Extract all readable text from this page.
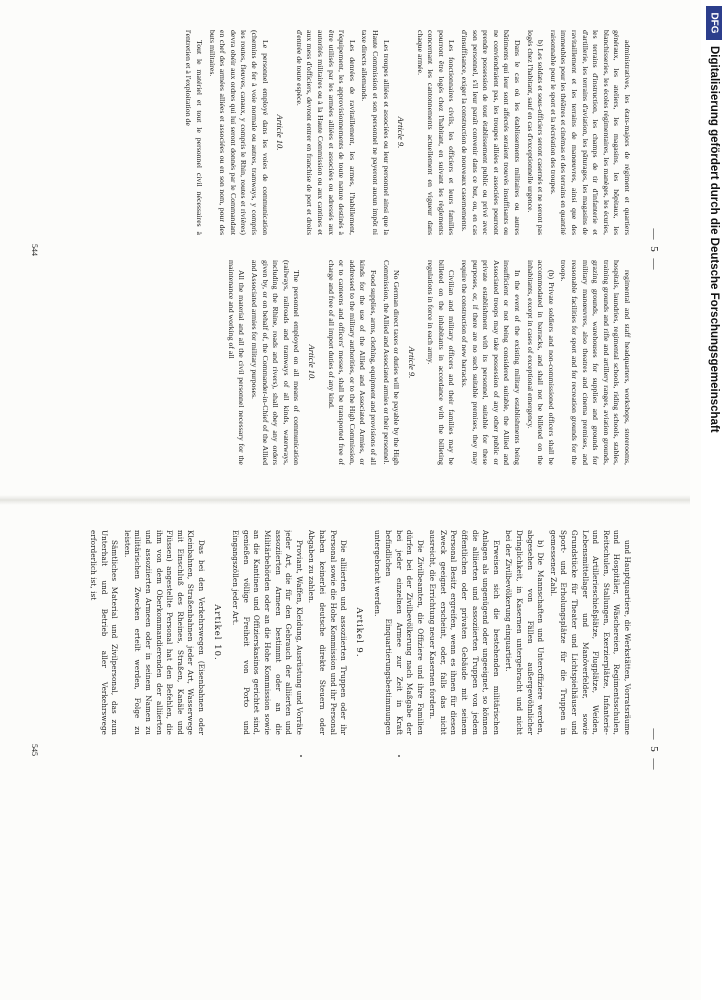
— 5 —

administratives, les états-majors de régiment et quartiers généraux, les ateliers, les magasins, les hôpitaux, les blanchisseries, les écoles régimentaires, les manèges, les écuries, les terrains d'instruction, les champs de tir d'infanterie et d'artillerie, les terrains d'aviation, les pâturages, les magasins de ravitaillement et les terrains de manœuvres, ainsi que des immeubles pour les théâtres et cinémas et des terrains en quantité raisonnable pour le sport et la récréation des troupes.

b) Les soldats et sous-officiers seront casernés et ne seront pas logés chez l'habitant, sauf en cas d'exceptionnelle urgence.

Dans le cas où les établissements militaires ou autres bâtiments qui leur sont affectés seraient trouvés insuffisants ou ne conviendraient pas, les troupes alliées et associées pourront prendre possession de tout établissement public ou privé avec son personnel, s'il leur paraît convenir dans ce but, ou, en cas d'insuffisance, exiger la construction de nouveaux casernements.

Les fonctionnaires civils, les officiers et leurs familles pourront être logés chez l'habitant, en suivant les règlements concernant les cantonnements actuellement en vigueur dans chaque armée.

Article 9.

Les troupes alliées et associées ou leur personnel ainsi que la Haute Commission et son personnel ne payeront aucun impôt ni taxe directs allemands.

Les denrées de ravitaillement, les armes, l'habillement, l'équipement, les approvisionnements de toute nature destinés à être utilisés par les armées alliées et associées ou adressés aux autorités militaires ou à la Haute Commission ou aux cantines et aux mess d'officiers, devront entrer en franchise de port et droits d'entrée de toute espèce.

Article 10.

Le personnel employé dans les voies de communication (chemins de fer à voie normale ou autres, tramways, y compris les routes, fleuves, canaux, y compris le Rhin, routes et rivières) devra obéir aux ordres qui lui seront donnés par le Commandant en chef des armées alliées et associées ou en son nom, pour des buts militaires.

Tout le matériel et tout le personnel civil nécessaires à l'entretien et à l'exploitation de

regimental and staff headquarters, workshops, storerooms, hospitals, laundries, regimental schools, riding schools, stables, training grounds and rifle and artillery ranges, aviation grounds, grazing grounds, warehouses for supplies and grounds for military manœuvres, also theatres and cinema premises, and reasonable facilities for sport and for recreation grounds for the troops.

(b) Private soldiers and non-commissioned officers shall be accommodated in barracks, and shall not be billeted on the inhabitants, except in cases of exceptional emergency.

In the event of the existing military establishments being insufficient or not being considered suitable, the Allied and Associated troops may take possession of any other public or private establishment with its personnel, suitable for these purposes, or, if there are no such suitable premises, they may require the construction of new barracks.

Civilian and military officers and their families may be billeted on the inhabitants in accordance with the billeting regulations in force in each army.

Article 9.

No German direct taxes or duties will be payable by the High Commission, the Allied and Associated armies or their personnel.

Food supplies, arms, clothing, equipment and provisions of all kinds for the use of the Allied and Associated Armies, or addressed to the military authorities, or to the High Commission, or to canteens and officers' messes, shall be transported free of charge and free of all import duties of any kind.

Article 10.

The personnel employed on all means of communication (railways, railroads and tramways of all kinds, waterways, including the Rhine, roads and rivers), shall obey any orders given by, or on behalf of, the Commander-in-Chief of the Allied and Associated armies for military purposes.

All the material and all the civil personnel necessary for the maintenance and working of all

544
— 5 —

und Hauptquartiere, die Werkstätten, Vorratsräume und Hospitäler, Wäschereien, Regimentsschulen, Reitschulen, Stallungen, Exerzierplätze, Infanterie- und Artillerieschießplätze, Flugplätze, Weiden, Lebensmittellager und Manöverfelder, sowie Grundstücke für Theater und Lichtspielhäuser und Sport- und Erholungsplätze für die Truppen in gemessener Zahl.

b) Die Mannschaften und Unteroffiziere werden, abgesehen von Fällen außergewöhnlicher Dringlichkeit, in Kasernen untergebracht und nicht bei der Zivilbevölkerung einquartiert.

Erweisen sich die bestehenden militärischen Anlagen als ungenügend oder ungeeignet, so können die alliierten und assoziierten Truppen von jedem öffentlichen oder privaten Gebäude mit seinem Personal Besitz ergreifen, wenn es ihnen für diesen Zweck geeignet erscheint, oder, falls das nicht ausreicht, die Errichtung neuer Kasernen fordern.

Die Zivilbeamten, die Offiziere und ihre Familien dürfen bei der Zivilbevölkerung nach Maßgabe der bei jeder einzelnen Armee zur Zeit in Kraft befindlichen Einquartierungsbestimmungen untergebracht werden.

Artikel 9.

Die alliierten und assoziierten Truppen oder ihr Personal sowie die Hohe Kommission und ihr Personal haben keinerlei deutsche direkte Steuern oder Abgaben zu zahlen.

Proviant, Waffen, Kleidung, Ausrüstung und Vorräte jeder Art, die für den Gebrauch der alliierten und assoziierten Armeen bestimmt oder an die Militärbehörden oder an die Hohe Kommission sowie an die Kantinen und Offizierskasinos gerichtet sind, genießen völlige Freiheit von Porto und Eingangszöllen jeder Art.

Artikel 10.

Das bei den Verkehrswegen (Eisenbahnen oder Kleinbahnen, Straßenbahnen jeder Art, Wasserwege mit Einschluß des Rheines, Straßen, Kanäle und Flüssen) angestellte Personal hat den Befehlen, die ihm von dem Oberkommandierenden der alliierten und assoziierten Armeen oder in seinem Namen zu militärischen Zwecken erteilt werden, Folge zu leisten.

Sämtliches Material und Zivilpersonal, das zum Unterhalt und Betrieb aller Verkehrswege erforderlich ist, ist

545
DFG
Digitalisierung gefördert durch die Deutsche Forschungsgemeinschaft
